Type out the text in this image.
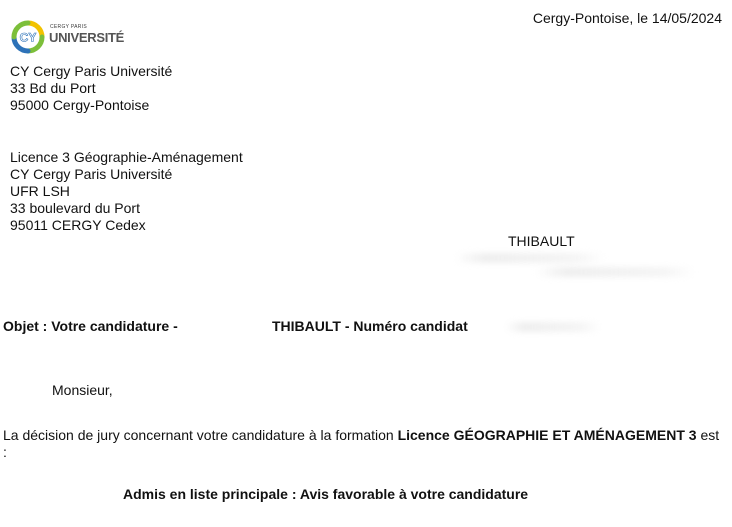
CY
CERGY PARIS
UNIVERSITÉ
Cergy-Pontoise, le 14/05/2024
CY Cergy Paris Université
33 Bd du Port
95000 Cergy-Pontoise
Licence 3 Géographie-Aménagement
CY Cergy Paris Université
UFR LSH
33 boulevard du Port
95011 CERGY Cedex
THIBAULT
Objet : Votre candidature -	THIBAULT - Numéro candidat
Monsieur,
La décision de jury concernant votre candidature à la formation Licence GÉOGRAPHIE ET AMÉNAGEMENT 3 est :
Admis en liste principale : Avis favorable à votre candidature
